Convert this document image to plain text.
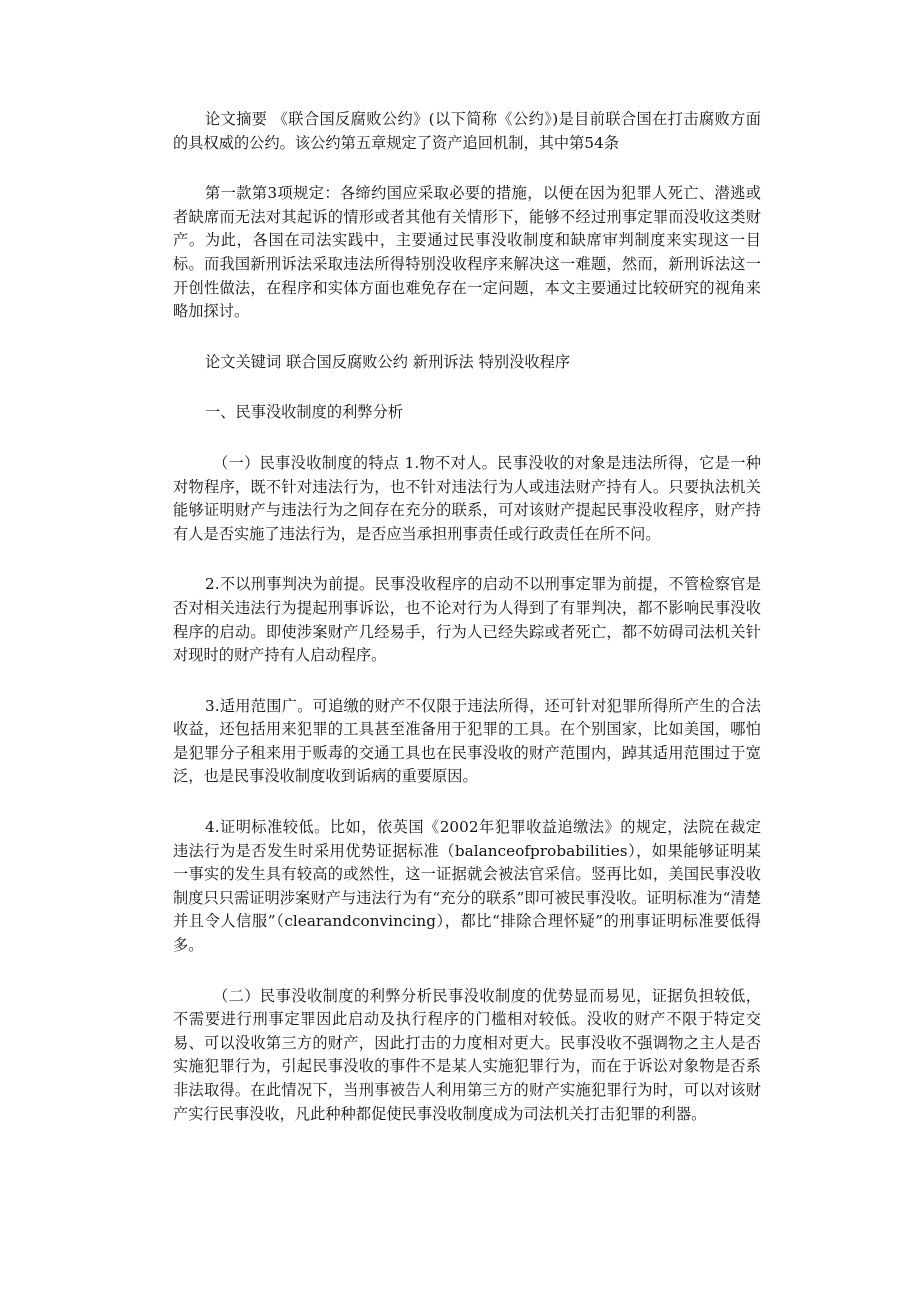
论文摘要 《联合国反腐败公约》(以下简称《公约》)是目前联合国在打击腐败方面的具权威的公约。该公约第五章规定了资产追回机制，其中第54条

第一款第3项规定：各缔约国应采取必要的措施，以便在因为犯罪人死亡、潜逃或者缺席而无法对其起诉的情形或者其他有关情形下，能够不经过刑事定罪而没收这类财产。为此，各国在司法实践中，主要通过民事没收制度和缺席审判制度来实现这一目标。而我国新刑诉法采取违法所得特别没收程序来解决这一难题，然而，新刑诉法这一开创性做法，在程序和实体方面也难免存在一定问题，本文主要通过比较研究的视角来略加探讨。

论文关键词 联合国反腐败公约 新刑诉法 特别没收程序

一、民事没收制度的利弊分析

（一）民事没收制度的特点 1.物不对人。民事没收的对象是违法所得，它是一种对物程序，既不针对违法行为，也不针对违法行为人或违法财产持有人。只要执法机关能够证明财产与违法行为之间存在充分的联系，可对该财产提起民事没收程序，财产持有人是否实施了违法行为，是否应当承担刑事责任或行政责任在所不问。

2.不以刑事判决为前提。民事没收程序的启动不以刑事定罪为前提，不管检察官是否对相关违法行为提起刑事诉讼，也不论对行为人得到了有罪判决，都不影响民事没收程序的启动。即使涉案财产几经易手，行为人已经失踪或者死亡，都不妨碍司法机关针对现时的财产持有人启动程序。

3.适用范围广。可追缴的财产不仅限于违法所得，还可针对犯罪所得所产生的合法收益，还包括用来犯罪的工具甚至准备用于犯罪的工具。在个别国家，比如美国，哪怕是犯罪分子租来用于贩毒的交通工具也在民事没收的财产范围内，踔其适用范围过于宽泛，也是民事没收制度收到诟病的重要原因。

4.证明标准较低。比如，依英国《2002年犯罪收益追缴法》的规定，法院在裁定违法行为是否发生时采用优势证据标准（balanceofprobabilities），如果能够证明某一事实的发生具有较高的或然性，这一证据就会被法官采信。竖再比如，美国民事没收制度只只需证明涉案财产与违法行为有“充分的联系”即可被民事没收。证明标准为“清楚并且令人信服”（clearandconvincing），都比“排除合理怀疑”的刑事证明标准要低得多。

（二）民事没收制度的利弊分析民事没收制度的优势显而易见，证据负担较低，不需要进行刑事定罪因此启动及执行程序的门槛相对较低。没收的财产不限于特定交易、可以没收第三方的财产，因此打击的力度相对更大。民事没收不强调物之主人是否实施犯罪行为，引起民事没收的事件不是某人实施犯罪行为，而在于诉讼对象物是否系非法取得。在此情况下，当刑事被告人利用第三方的财产实施犯罪行为时，可以对该财产实行民事没收，凡此种种都促使民事没收制度成为司法机关打击犯罪的利器。
